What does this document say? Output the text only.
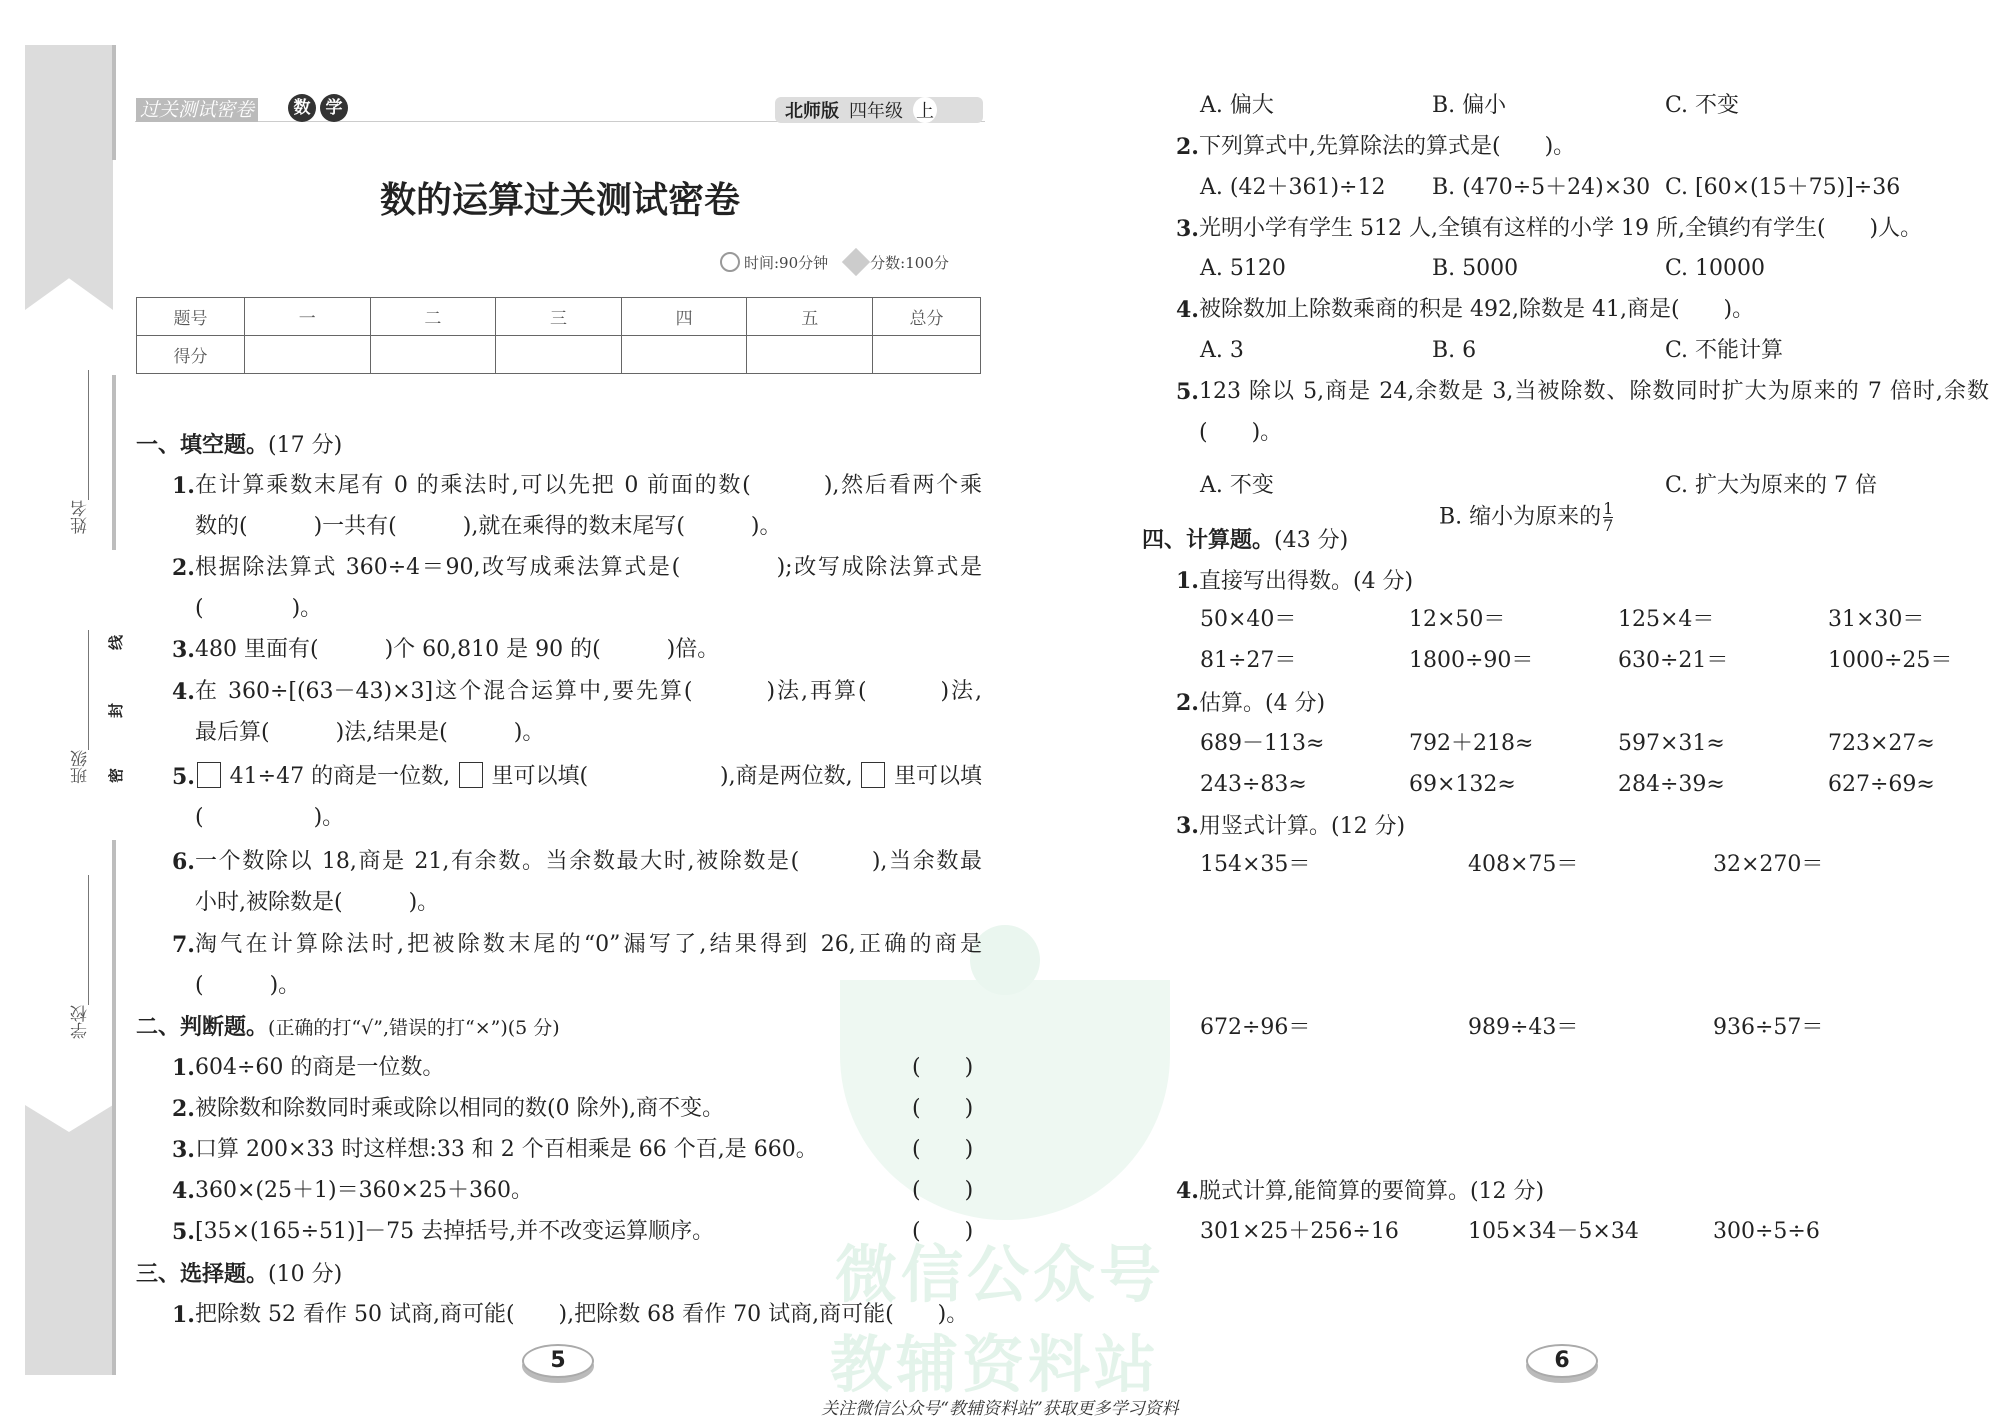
姓名
班级
学校
线
封
密
过关测试密卷	数 学	北师版 四年级 上
数的运算过关测试密卷
时间:90分钟	分数:100分
题号	一	二	三	四	五	总分
得分						
微信公众号
教辅资料站
一、填空题。(17 分)
1. 在计算乘数末尾有 0 的乘法时,可以先把 0 前面的数(　　　),然后看两个乘
数的(　　　)一共有(　　　),就在乘得的数末尾写(　　　)。
2. 根据除法算式 360÷4＝90,改写成乘法算式是(　　　　);改写成除法算式是
(　　　　)。
3. 480 里面有(　　　)个 60,810 是 90 的(　　　)倍。
4. 在 360÷[(63－43)×3]这个混合运算中,要先算(　　　)法,再算(　　　)法,
最后算(　　　)法,结果是(　　　)。
5. 41÷47 的商是一位数, 里可以填(　　　　　　),商是两位数, 里可以填
(　　　　　)。
6. 一个数除以 18,商是 21,有余数。当余数最大时,被除数是(　　　),当余数最
小时,被除数是(　　　)。
7. 淘气在计算除法时,把被除数末尾的“0”漏写了,结果得到 26,正确的商是
(　　　)。
二、判断题。(正确的打“√”,错误的打“×”)(5 分)
1. 604÷60 的商是一位数。	(　　)
2. 被除数和除数同时乘或除以相同的数(0 除外),商不变。	(　　)
3. 口算 200×33 时这样想:33 和 2 个百相乘是 66 个百,是 660。	(　　)
4. 360×(25＋1)＝360×25＋360。	(　　)
5. [35×(165÷51)]－75 去掉括号,并不改变运算顺序。	(　　)
三、选择题。(10 分)
1. 把除数 52 看作 50 试商,商可能(　　),把除数 68 看作 70 试商,商可能(　　)。
5
A. 偏大	B. 偏小	C. 不变
2. 下列算式中,先算除法的算式是(　　)。
A. (42＋361)÷12 B. (470÷5＋24)×30 C. [60×(15＋75)]÷36
3. 光明小学有学生 512 人,全镇有这样的小学 19 所,全镇约有学生(　　)人。
A. 5120	B. 5000	C. 10000
4. 被除数加上除数乘商的积是 492,除数是 41,商是(　　)。
A. 3	B. 6	C. 不能计算
5. 123 除以 5,商是 24,余数是 3,当被除数、除数同时扩大为原来的 7 倍时,余数
(　　)。
A. 不变

B. 缩小为原来的 $\frac{1}{7}$

C. 扩大为原来的 7 倍
四、计算题。(43 分)
1.直接写出得数。(4 分)
50×40＝	12×50＝	125×4＝	31×30＝
81÷27＝	1800÷90＝	630÷21＝	1000÷25＝
2.估算。(4 分)
689－113≈	792＋218≈	597×31≈	723×27≈
243÷83≈	69×132≈	284÷39≈	627÷69≈
3.用竖式计算。(12 分)
154×35＝	408×75＝	32×270＝
672÷96＝	989÷43＝	936÷57＝
4.脱式计算,能简算的要简算。(12 分)
301×25＋256÷16	105×34－5×34	300÷5÷6
6
关注微信公众号“教辅资料站”获取更多学习资料
